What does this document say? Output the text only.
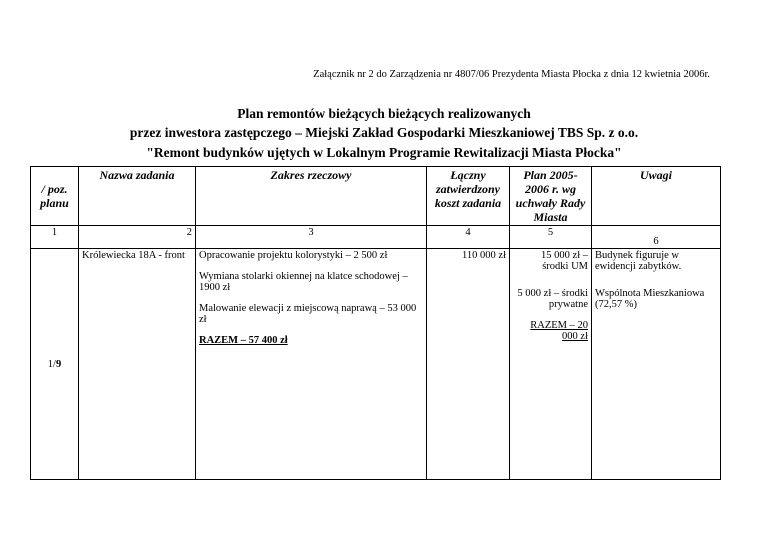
Załącznik nr 2 do Zarządzenia nr 4807/06 Prezydenta Miasta Płocka z dnia 12 kwietnia 2006r.
Plan remontów bieżących bieżących realizowanych
przez inwestora zastępczego – Miejski Zakład Gospodarki Mieszkaniowej TBS Sp. z o.o.
"Remont budynków ujętych w Lokalnym Programie Rewitalizacji Miasta Płocka"
/ poz. planu	Nazwa zadania	Zakres rzeczowy	Łączny zatwierdzony koszt zadania	Plan 2005-2006 r. wg uchwały Rady Miasta	Uwagi
1	2	3	4	5	6
1/9	Królewiecka 18A - front	Opracowanie projektu kolorystyki – 2 500 zł
Wymiana stolarki okiennej na klatce schodowej – 1900 zł
Malowanie elewacji z miejscową naprawą – 53 000 zł
RAZEM – 57 400 zł	110 000 zł	15 000 zł – środki UM
5 000 zł – środki prywatne
RAZEM – 20 000 zł	Budynek figuruje w ewidencji zabytków.
Wspólnota Mieszkaniowa (72,57 %)
